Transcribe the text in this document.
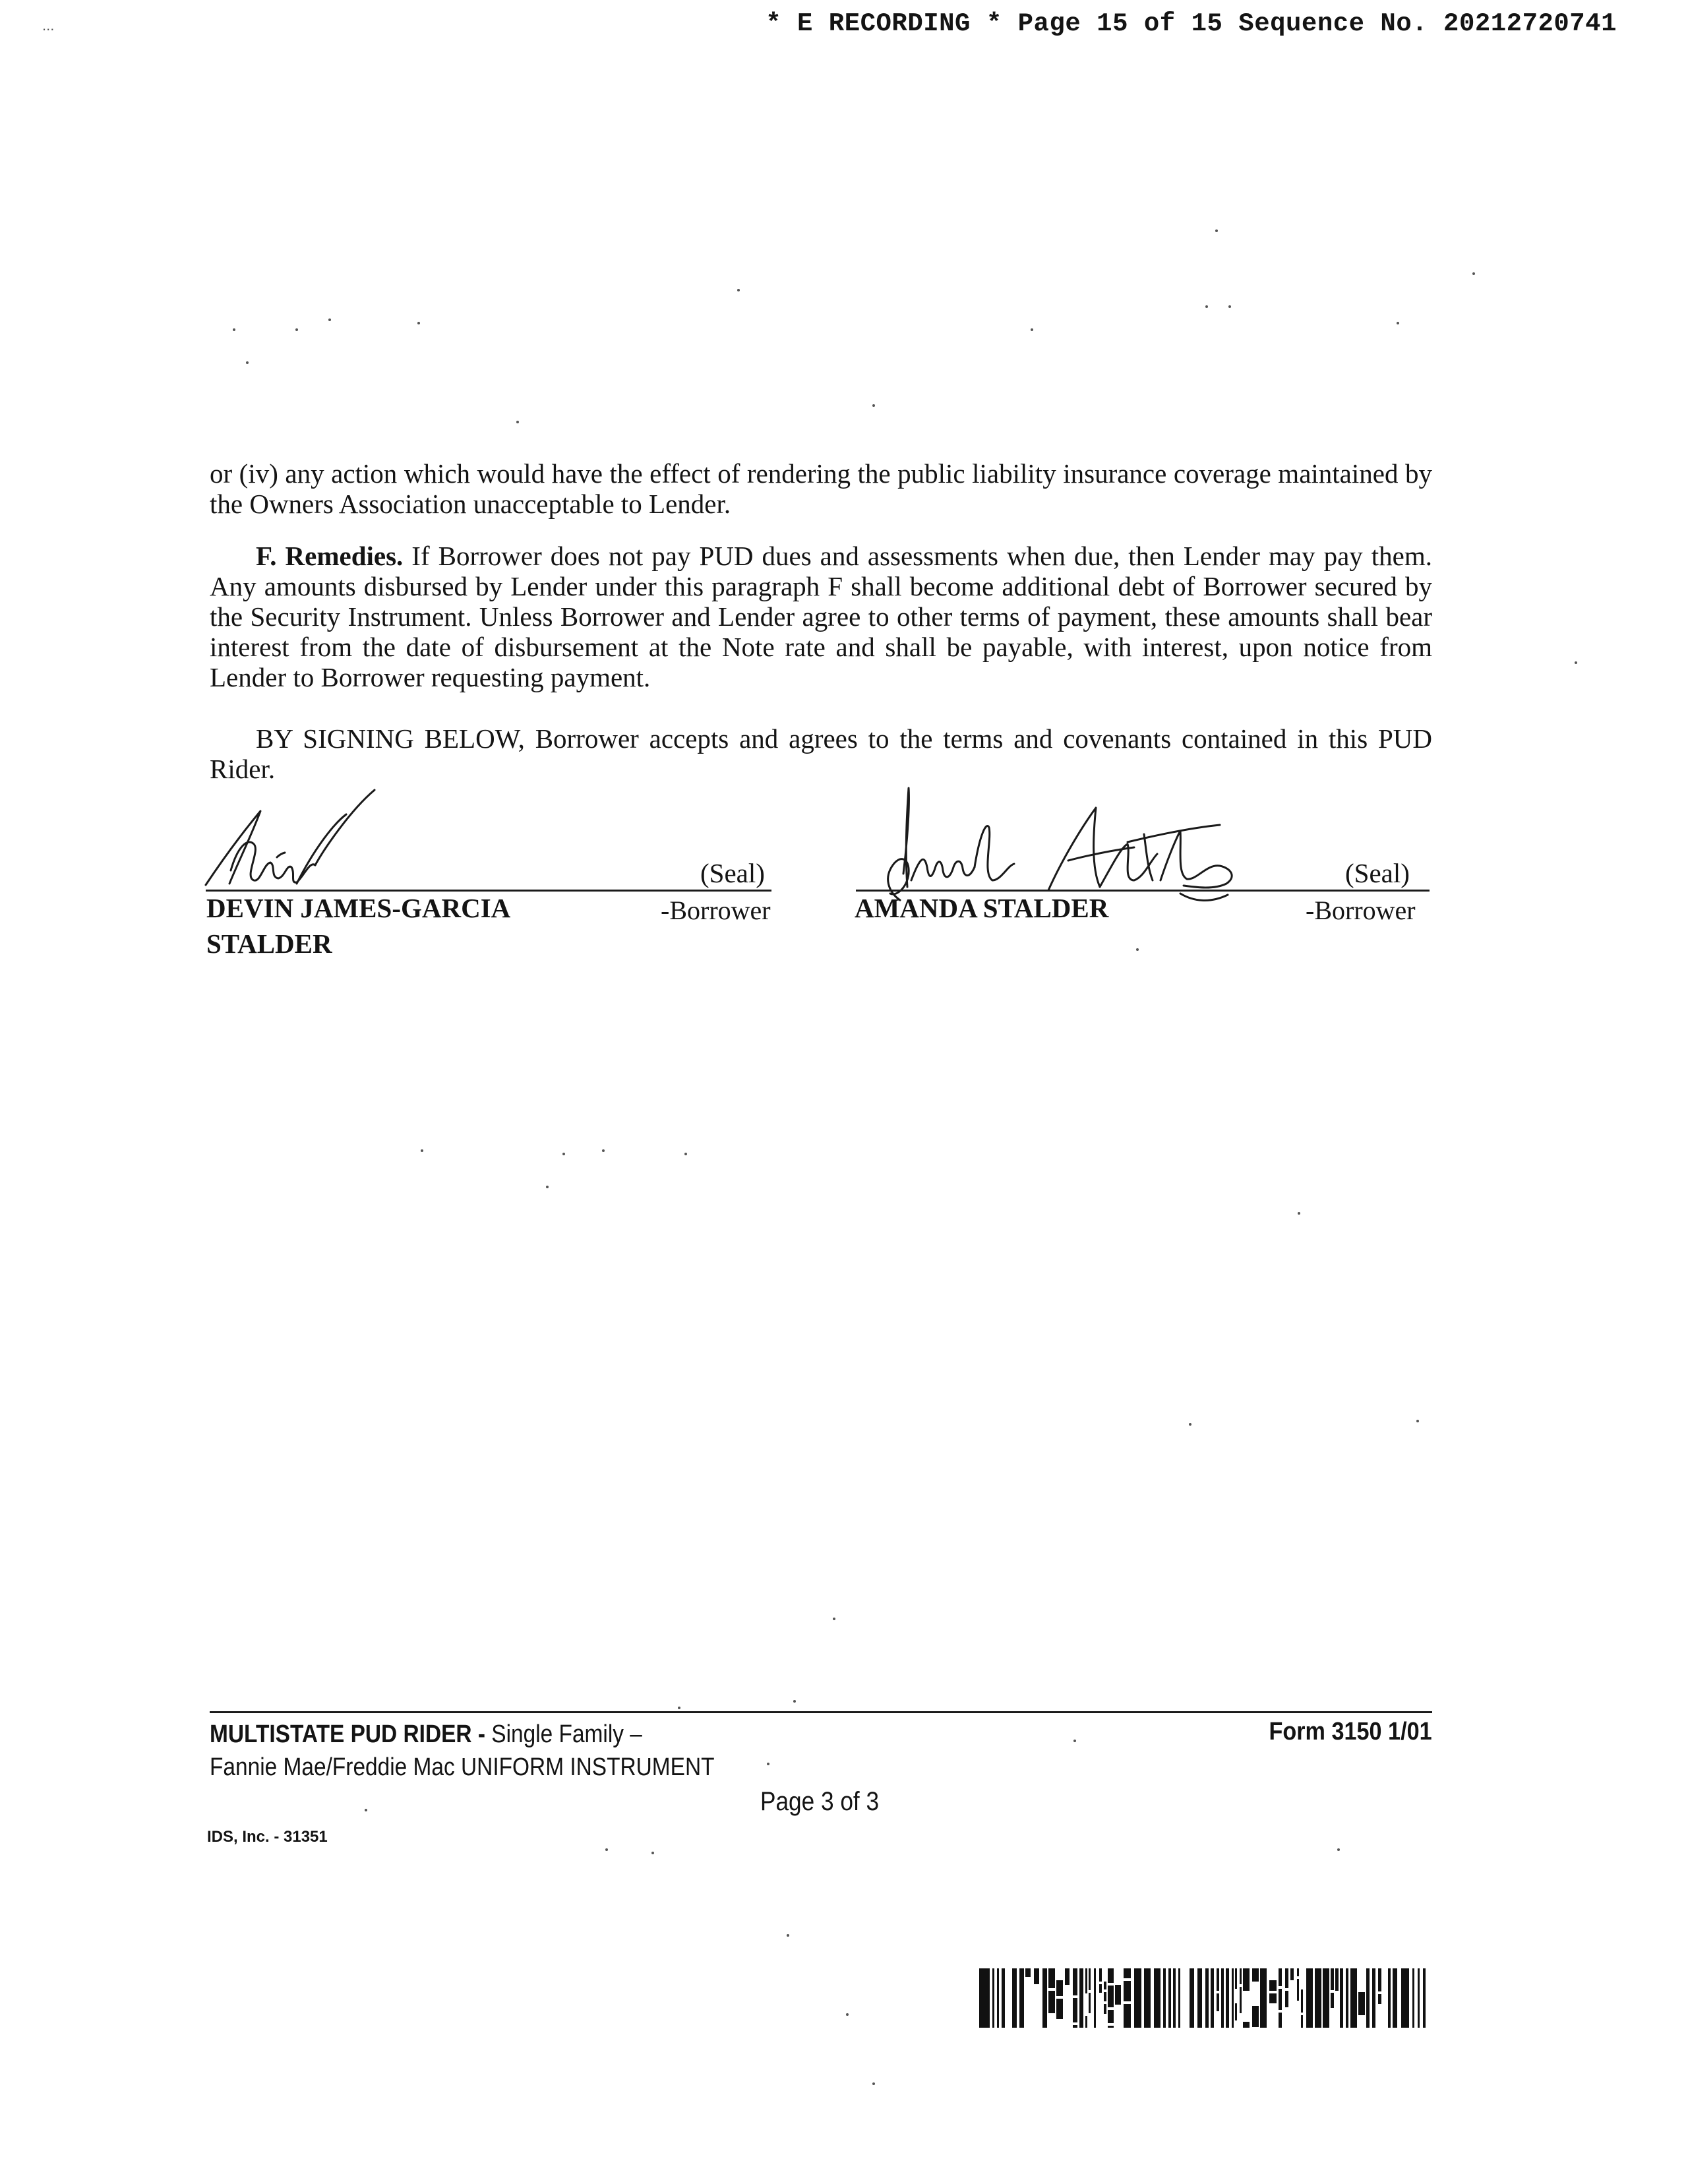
...	* E RECORDING * Page 15 of 15 Sequence No. 20212720741
or (iv) any action which would have the effect of rendering the public liability insurance coverage maintained by the Owners Association unacceptable to Lender.
F. Remedies. If Borrower does not pay PUD dues and assessments when due, then Lender may pay them. Any amounts disbursed by Lender under this paragraph F shall become additional debt of Borrower secured by the Security Instrument. Unless Borrower and Lender agree to other terms of payment, these amounts shall bear interest from the date of disbursement at the Note rate and shall be payable, with interest, upon notice from Lender to Borrower requesting payment.
BY SIGNING BELOW, Borrower accepts and agrees to the terms and covenants contained in this PUD Rider.
(Seal)
-Borrower
DEVIN JAMES-GARCIA
STALDER
(Seal)
-Borrower
AMANDA STALDER
MULTISTATE PUD RIDER - Single Family –
Fannie Mae/Freddie Mac UNIFORM INSTRUMENT
Form 3150 1/01
Page 3 of 3
IDS, Inc. - 31351
